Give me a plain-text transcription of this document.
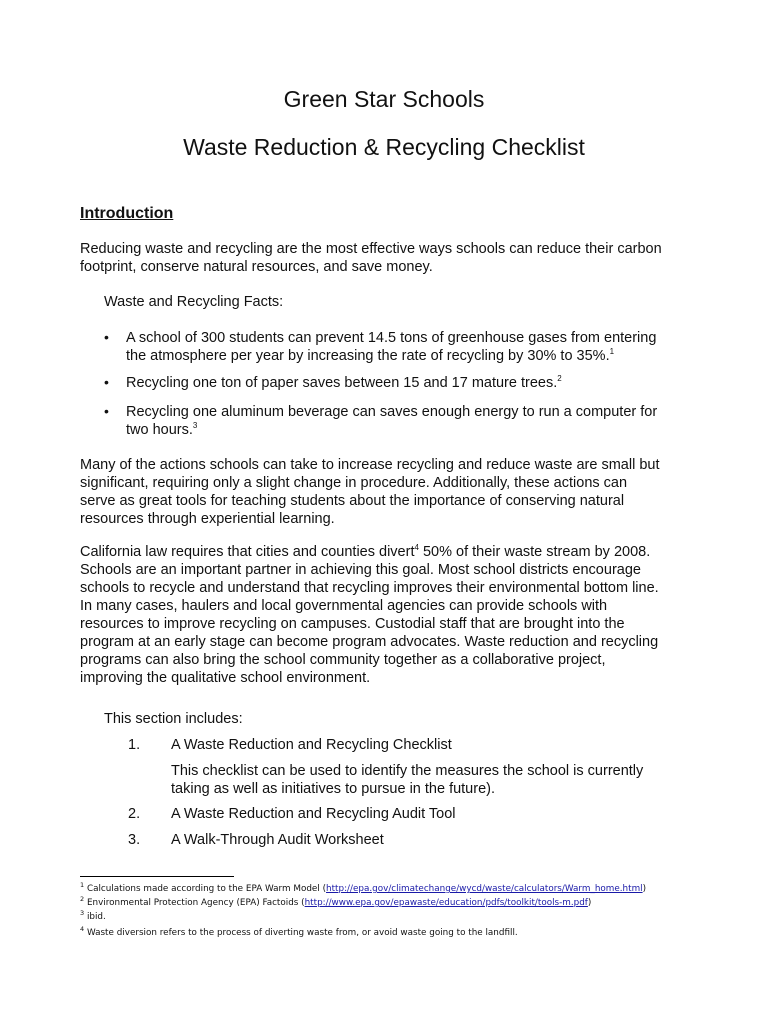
Green Star Schools
Waste Reduction & Recycling Checklist
Introduction
Reducing waste and recycling are the most effective ways schools can reduce their carbon
footprint, conserve natural resources, and save money.
Waste and Recycling Facts:
• A school of 300 students can prevent 14.5 tons of greenhouse gases from entering
the atmosphere per year by increasing the rate of recycling by 30% to 35%.$^1$
• Recycling one ton of paper saves between 15 and 17 mature trees.$^2$
• Recycling one aluminum beverage can saves enough energy to run a computer for
two hours.$^3$
Many of the actions schools can take to increase recycling and reduce waste are small but
significant, requiring only a slight change in procedure. Additionally, these actions can
serve as great tools for teaching students about the importance of conserving natural
resources through experiential learning.
California law requires that cities and counties divert$^4$ 50% of their waste stream by 2008.
Schools are an important partner in achieving this goal. Most school districts encourage
schools to recycle and understand that recycling improves their environmental bottom line.
In many cases, haulers and local governmental agencies can provide schools with
resources to improve recycling on campuses. Custodial staff that are brought into the
program at an early stage can become program advocates. Waste reduction and recycling
programs can also bring the school community together as a collaborative project,
improving the qualitative school environment.
This section includes:
1. A Waste Reduction and Recycling Checklist
This checklist can be used to identify the measures the school is currently
taking as well as initiatives to pursue in the future).
2. A Waste Reduction and Recycling Audit Tool
3. A Walk-Through Audit Worksheet
$^1$ Calculations made according to the EPA Warm Model (http://epa.gov/climatechange/wycd/waste/calculators/Warm_home.html)
$^2$ Environmental Protection Agency (EPA) Factoids (http://www.epa.gov/epawaste/education/pdfs/toolkit/tools-m.pdf)
$^3$ ibid.
$^4$ Waste diversion refers to the process of diverting waste from, or avoid waste going to the landfill.
